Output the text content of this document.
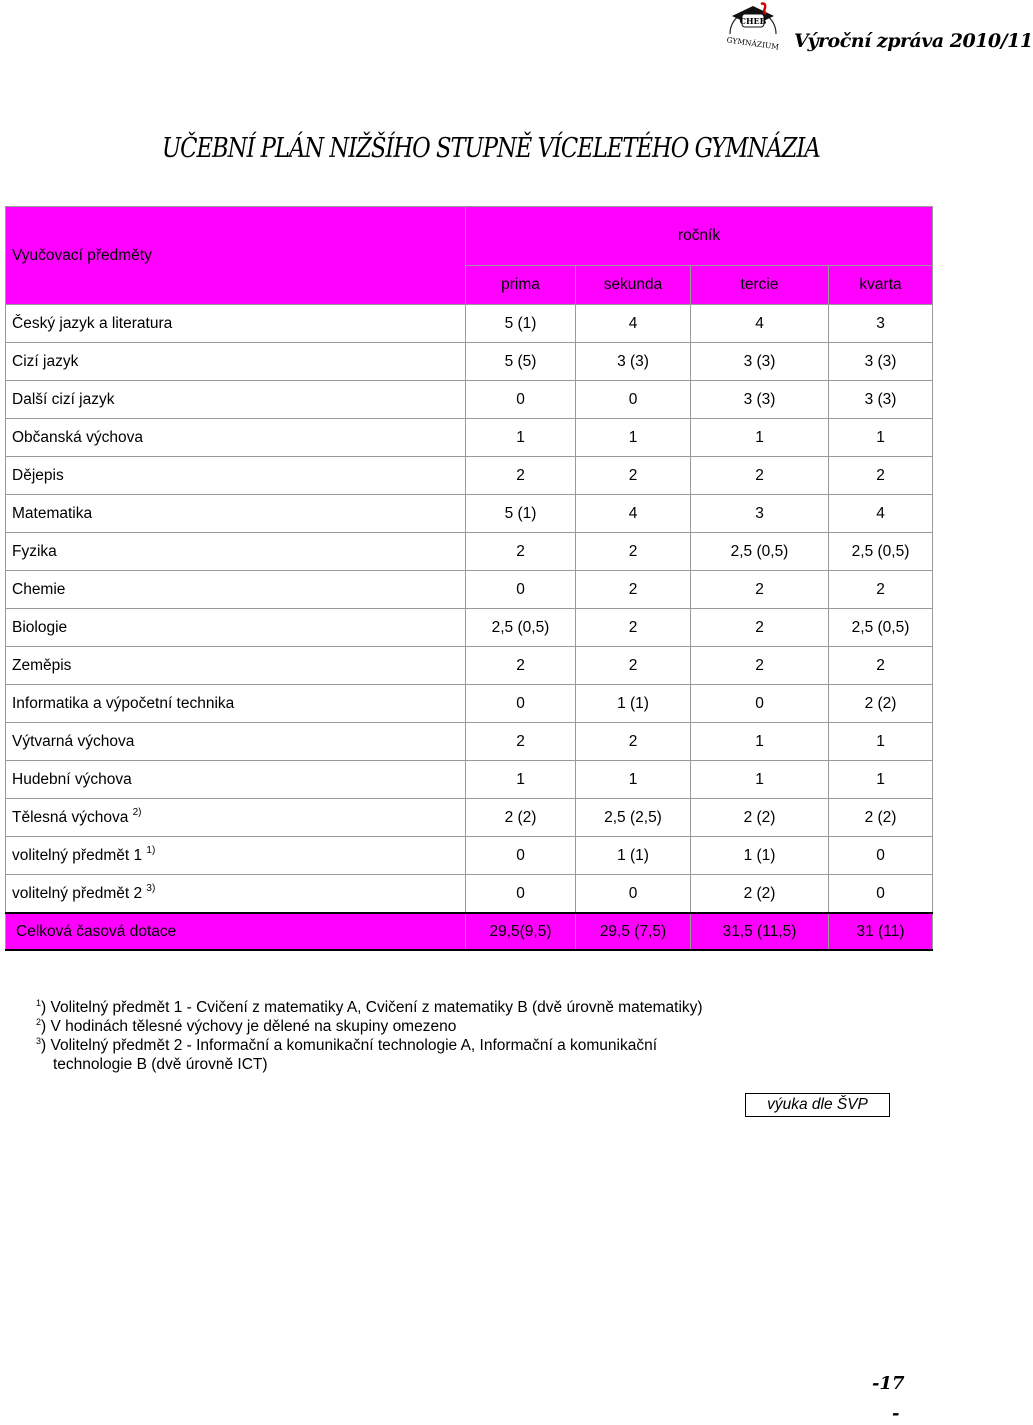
CHEB
GYMNÁZIUM Výroční zpráva 2010/11
UČEBNÍ PLÁN NIŽŠÍHO STUPNĚ VÍCELETÉHO GYMNÁZIA
Vyučovací předměty	ročník			
	prima	sekunda	tercie	kvarta
Český jazyk a literatura	5 (1)	4	4	3
Cizí jazyk	5 (5)	3 (3)	3 (3)	3 (3)
Další cizí jazyk	0	0	3 (3)	3 (3)
Občanská výchova	1	1	1	1
Dějepis	2	2	2	2
Matematika	5 (1)	4	3	4
Fyzika	2	2	2,5 (0,5)	2,5 (0,5)
Chemie	0	2	2	2
Biologie	2,5 (0,5)	2	2	2,5 (0,5)
Zeměpis	2	2	2	2
Informatika a výpočetní technika	0	1 (1)	0	2 (2)
Výtvarná výchova	2	2	1	1
Hudební výchova	1	1	1	1
Tělesná výchova $^{2)}$	2 (2)	2,5 (2,5)	2 (2)	2 (2)
volitelný předmět 1 $^{1)}$	0	1 (1)	1 (1)	0
volitelný předmět 2 $^{3)}$	0	0	2 (2)	0
Celková časová dotace	29,5(9,5)	29,5 (7,5)	31,5 (11,5)	31 (11)
$^1$) Volitelný předmět 1 - Cvičení z matematiky A, Cvičení z matematiky B (dvě úrovně matematiky)
$^2$) V hodinách tělesné výchovy je dělené na skupiny omezeno
$^3$) Volitelný předmět 2 - Informační a komunikační technologie A, Informační a komunikační
technologie B (dvě úrovně ICT)
výuka dle ŠVP
-17
-
